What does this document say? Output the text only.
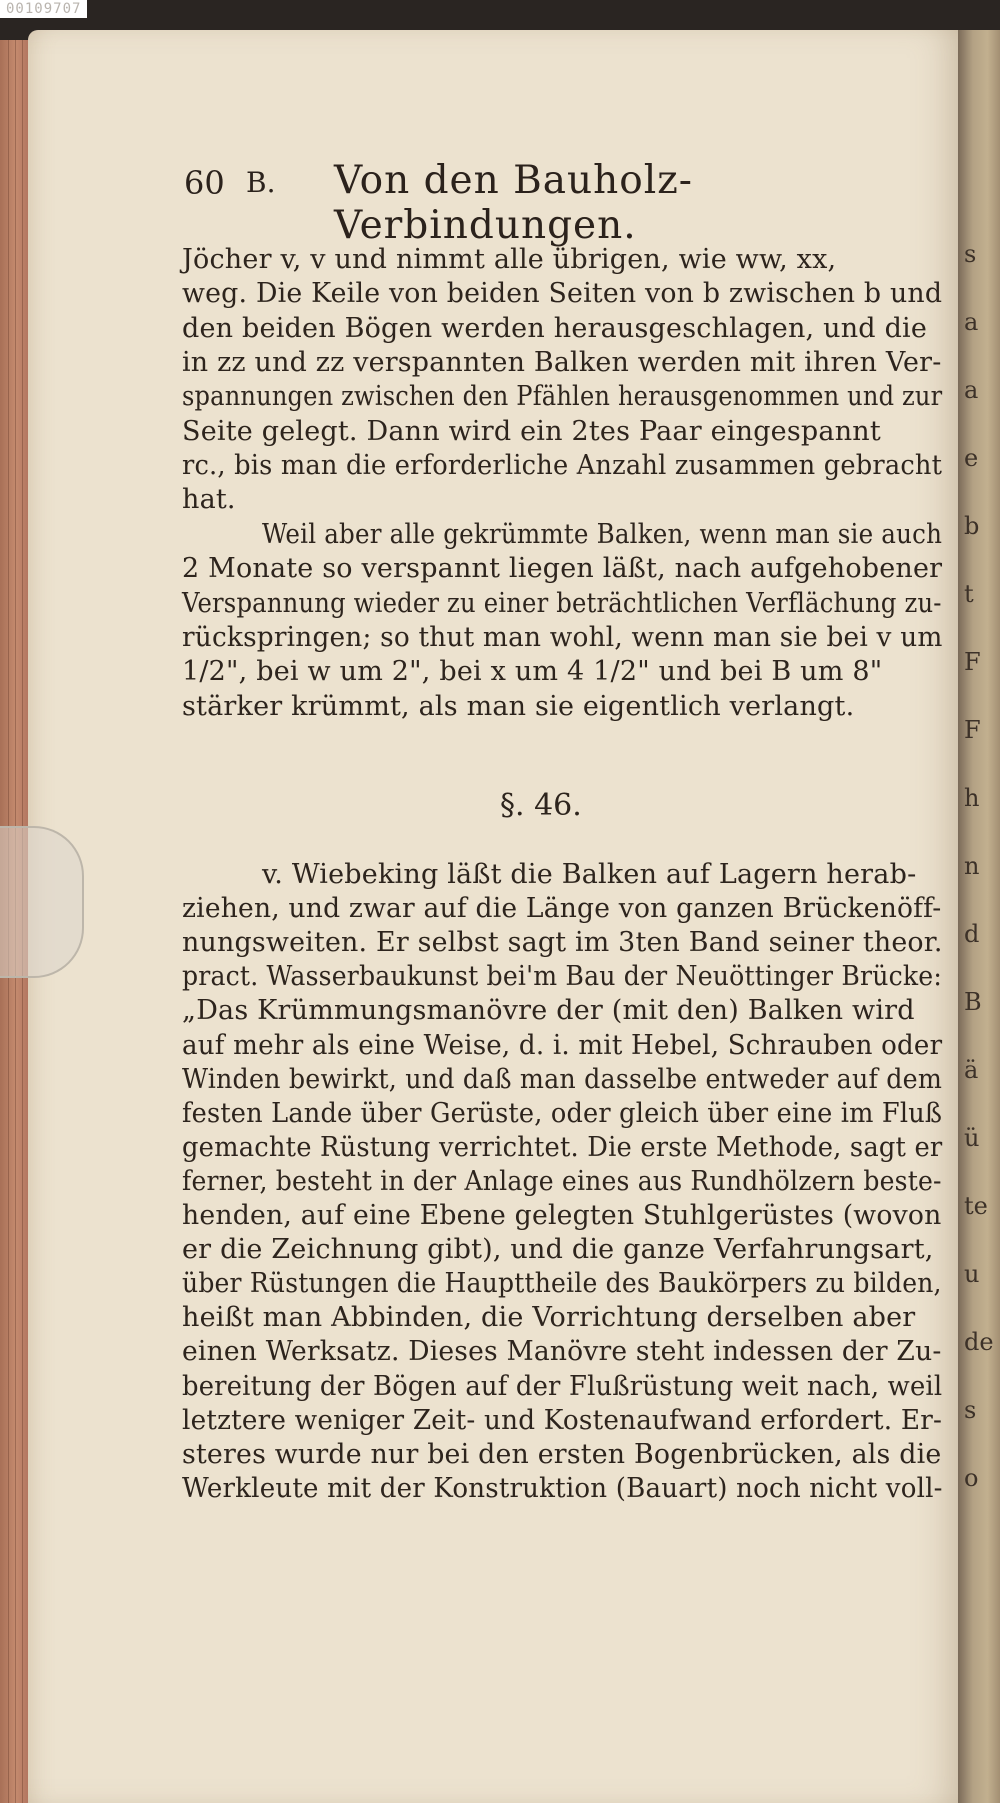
00109707
s
a
a
e
b
t
F
F
h
n
d
B
ä
ü
te
u
de
s
o
60 B. Von den Bauholz-Verbindungen.

Jöcher v, v und nimmt alle übrigen, wie ww, xx,

weg. Die Keile von beiden Seiten von b zwischen b und

den beiden Bögen werden herausgeschlagen, und die

in zz und zz verspannten Balken werden mit ihren Ver-

spannungen zwischen den Pfählen herausgenommen und zur

Seite gelegt. Dann wird ein 2tes Paar eingespannt

rc., bis man die erforderliche Anzahl zusammen gebracht

hat.

Weil aber alle gekrümmte Balken, wenn man sie auch

2 Monate so verspannt liegen läßt, nach aufgehobener

Verspannung wieder zu einer beträchtlichen Verflächung zu-

rückspringen; so thut man wohl, wenn man sie bei v um

1/2", bei w um 2", bei x um 4 1/2" und bei B um 8"

stärker krümmt, als man sie eigentlich verlangt.

§. 46.

v. Wiebeking läßt die Balken auf Lagern herab-

ziehen, und zwar auf die Länge von ganzen Brückenöff-

nungsweiten. Er selbst sagt im 3ten Band seiner theor.

pract. Wasserbaukunst bei'm Bau der Neuöttinger Brücke:

„Das Krümmungsmanövre der (mit den) Balken wird

auf mehr als eine Weise, d. i. mit Hebel, Schrauben oder

Winden bewirkt, und daß man dasselbe entweder auf dem

festen Lande über Gerüste, oder gleich über eine im Fluß

gemachte Rüstung verrichtet. Die erste Methode, sagt er

ferner, besteht in der Anlage eines aus Rundhölzern beste-

henden, auf eine Ebene gelegten Stuhlgerüstes (wovon

er die Zeichnung gibt), und die ganze Verfahrungsart,

über Rüstungen die Haupttheile des Baukörpers zu bilden,

heißt man Abbinden, die Vorrichtung derselben aber

einen Werksatz. Dieses Manövre steht indessen der Zu-

bereitung der Bögen auf der Flußrüstung weit nach, weil

letztere weniger Zeit- und Kostenaufwand erfordert. Er-

steres wurde nur bei den ersten Bogenbrücken, als die

Werkleute mit der Konstruktion (Bauart) noch nicht voll-
